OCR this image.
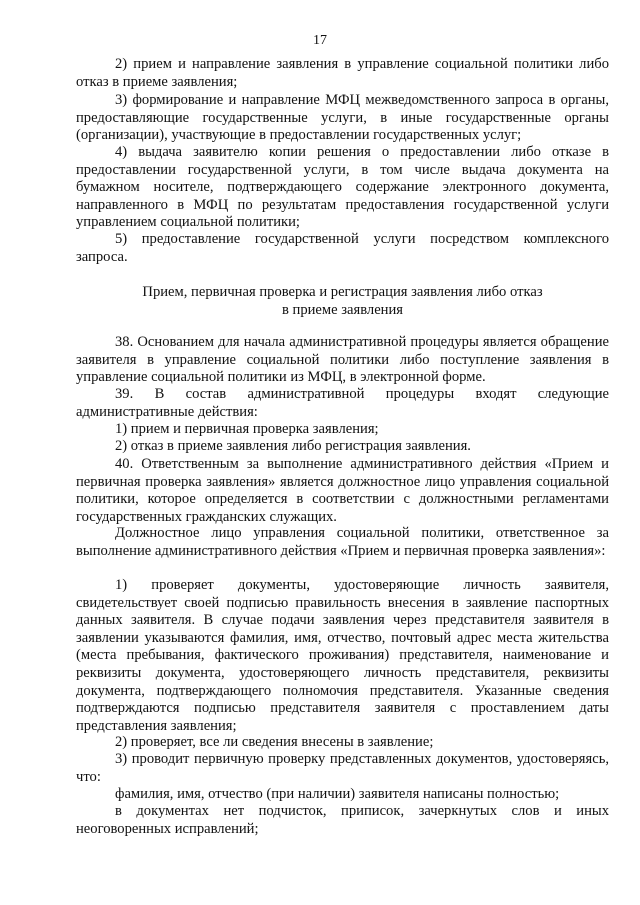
17
2) прием и направление заявления в управление социальной политики либо отказ в приеме заявления;
3) формирование и направление МФЦ межведомственного запроса в органы, предоставляющие государственные услуги, в иные государственные органы (организации), участвующие в предоставлении государственных услуг;
4) выдача заявителю копии решения о предоставлении либо отказе в предоставлении государственной услуги, в том числе выдача документа на бумажном носителе, подтверждающего содержание электронного документа, направленного в МФЦ по результатам предоставления государственной услуги управлением социальной политики;
5) предоставление государственной услуги посредством комплексного запроса.
Прием, первичная проверка и регистрация заявления либо отказ
в приеме заявления
38. Основанием для начала административной процедуры является обращение заявителя в управление социальной политики либо поступление заявления в управление социальной политики из МФЦ, в электронной форме.
39. В состав административной процедуры входят следующие административные действия:
1) прием и первичная проверка заявления;
2) отказ в приеме заявления либо регистрация заявления.
40. Ответственным за выполнение административного действия «Прием и первичная проверка заявления» является должностное лицо управления социальной политики, которое определяется в соответствии с должностными регламентами государственных гражданских служащих.
Должностное лицо управления социальной политики, ответственное за выполнение административного действия «Прием и первичная проверка заявления»:
1) проверяет документы, удостоверяющие личность заявителя, свидетельствует своей подписью правильность внесения в заявление паспортных данных заявителя. В случае подачи заявления через представителя заявителя в заявлении указываются фамилия, имя, отчество, почтовый адрес места жительства (места пребывания, фактического проживания) представителя, наименование и реквизиты документа, удостоверяющего личность представителя, реквизиты документа, подтверждающего полномочия представителя. Указанные сведения подтверждаются подписью представителя заявителя с проставлением даты представления заявления;
2) проверяет, все ли сведения внесены в заявление;
3) проводит первичную проверку представленных документов, удостоверяясь, что:
фамилия, имя, отчество (при наличии) заявителя написаны полностью;
в документах нет подчисток, приписок, зачеркнутых слов и иных неоговоренных исправлений;
